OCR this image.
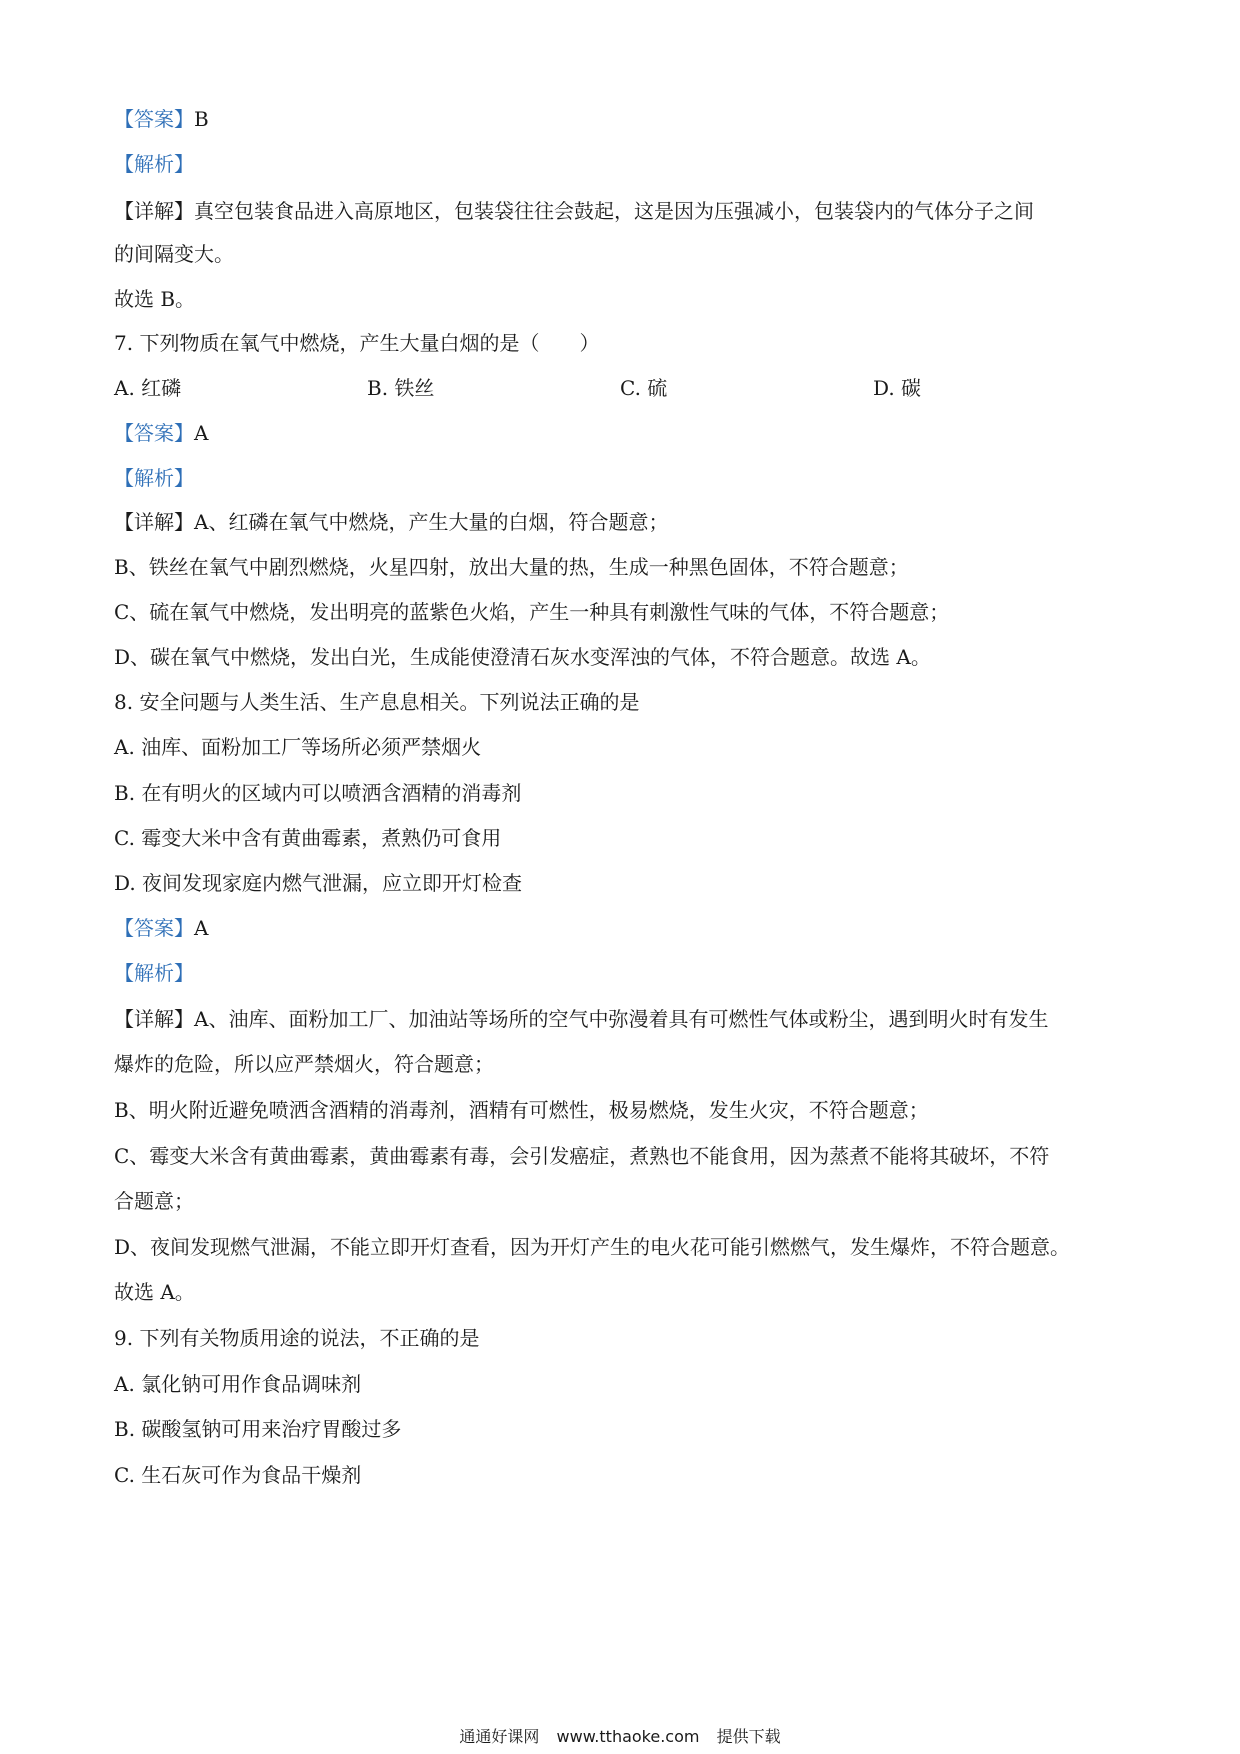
【答案】B
【解析】
【详解】真空包装食品进入高原地区，包装袋往往会鼓起，这是因为压强减小，包装袋内的气体分子之间
的间隔变大。
故选 B。
7. 下列物质在氧气中燃烧，产生大量白烟的是（　　）
A. 红磷	B. 铁丝	C. 硫	D. 碳
【答案】A
【解析】
【详解】A、红磷在氧气中燃烧，产生大量的白烟，符合题意；
B、铁丝在氧气中剧烈燃烧，火星四射，放出大量的热，生成一种黑色固体，不符合题意；
C、硫在氧气中燃烧，发出明亮的蓝紫色火焰，产生一种具有刺激性气味的气体，不符合题意；
D、碳在氧气中燃烧，发出白光，生成能使澄清石灰水变浑浊的气体，不符合题意。故选 A。
8. 安全问题与人类生活、生产息息相关。下列说法正确的是
A. 油库、面粉加工厂等场所必须严禁烟火
B. 在有明火的区域内可以喷洒含酒精的消毒剂
C. 霉变大米中含有黄曲霉素，煮熟仍可食用
D. 夜间发现家庭内燃气泄漏，应立即开灯检查
【答案】A
【解析】
【详解】A、油库、面粉加工厂、加油站等场所的空气中弥漫着具有可燃性气体或粉尘，遇到明火时有发生
爆炸的危险，所以应严禁烟火，符合题意；
B、明火附近避免喷洒含酒精的消毒剂，酒精有可燃性，极易燃烧，发生火灾，不符合题意；
C、霉变大米含有黄曲霉素，黄曲霉素有毒，会引发癌症，煮熟也不能食用，因为蒸煮不能将其破坏，不符
合题意；
D、夜间发现燃气泄漏，不能立即开灯查看，因为开灯产生的电火花可能引燃燃气，发生爆炸，不符合题意。
故选 A。
9. 下列有关物质用途的说法，不正确的是
A. 氯化钠可用作食品调味剂
B. 碳酸氢钠可用来治疗胃酸过多
C. 生石灰可作为食品干燥剂
通通好课网 www.tthaoke.com 提供下载
